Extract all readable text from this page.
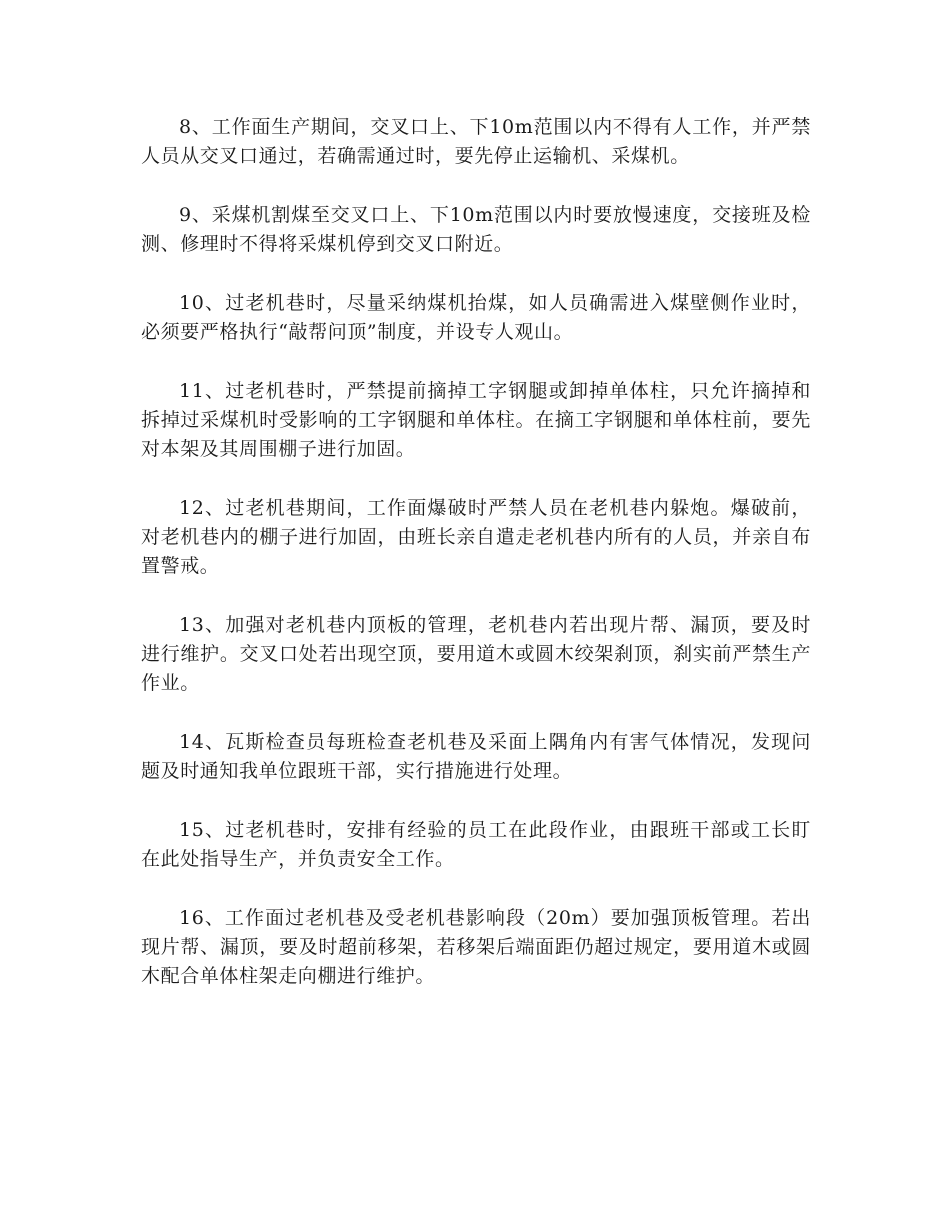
8、工作面生产期间，交叉口上、下10m范围以内不得有人工作，并严禁人员从交叉口通过，若确需通过时，要先停止运输机、采煤机。

9、采煤机割煤至交叉口上、下10m范围以内时要放慢速度，交接班及检测、修理时不得将采煤机停到交叉口附近。

10、过老机巷时，尽量采纳煤机抬煤，如人员确需进入煤壁侧作业时，必须要严格执行“敲帮问顶”制度，并设专人观山。

11、过老机巷时，严禁提前摘掉工字钢腿或卸掉单体柱，只允许摘掉和拆掉过采煤机时受影响的工字钢腿和单体柱。在摘工字钢腿和单体柱前，要先对本架及其周围棚子进行加固。

12、过老机巷期间，工作面爆破时严禁人员在老机巷内躲炮。爆破前，对老机巷内的棚子进行加固，由班长亲自遣走老机巷内所有的人员，并亲自布置警戒。

13、加强对老机巷内顶板的管理，老机巷内若出现片帮、漏顶，要及时进行维护。交叉口处若出现空顶，要用道木或圆木绞架刹顶，刹实前严禁生产作业。

14、瓦斯检查员每班检查老机巷及采面上隅角内有害气体情况，发现问题及时通知我单位跟班干部，实行措施进行处理。

15、过老机巷时，安排有经验的员工在此段作业，由跟班干部或工长盯在此处指导生产，并负责安全工作。

16、工作面过老机巷及受老机巷影响段（20m）要加强顶板管理。若出现片帮、漏顶，要及时超前移架，若移架后端面距仍超过规定，要用道木或圆木配合单体柱架走向棚进行维护。
